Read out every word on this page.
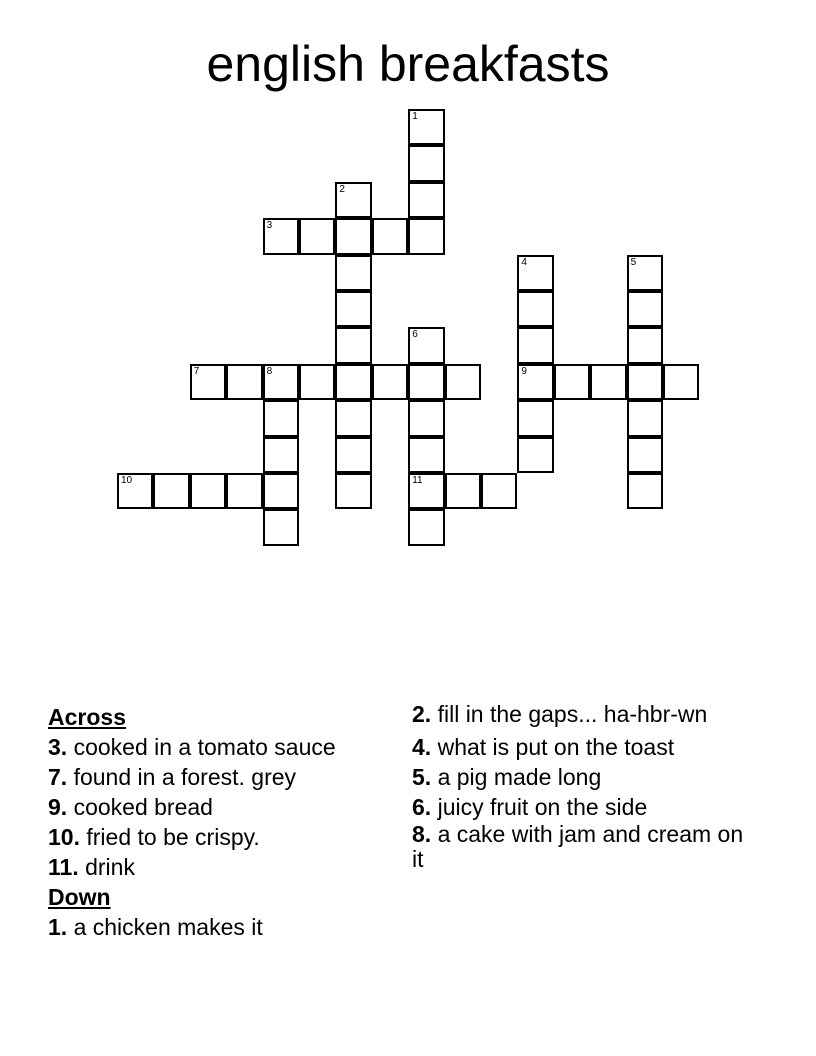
english breakfasts
1
2
3
4
9
5
6
11
7	8
10
Across
3. cooked in a tomato sauce
7. found in a forest. grey
9. cooked bread
10. fried to be crispy.
11. drink
Down
1. a chicken makes it
2. fill in the gaps... ha-hbr-wn
4. what is put on the toast
5. a pig made long
6. juicy fruit on the side
8. a cake with jam and cream on it
